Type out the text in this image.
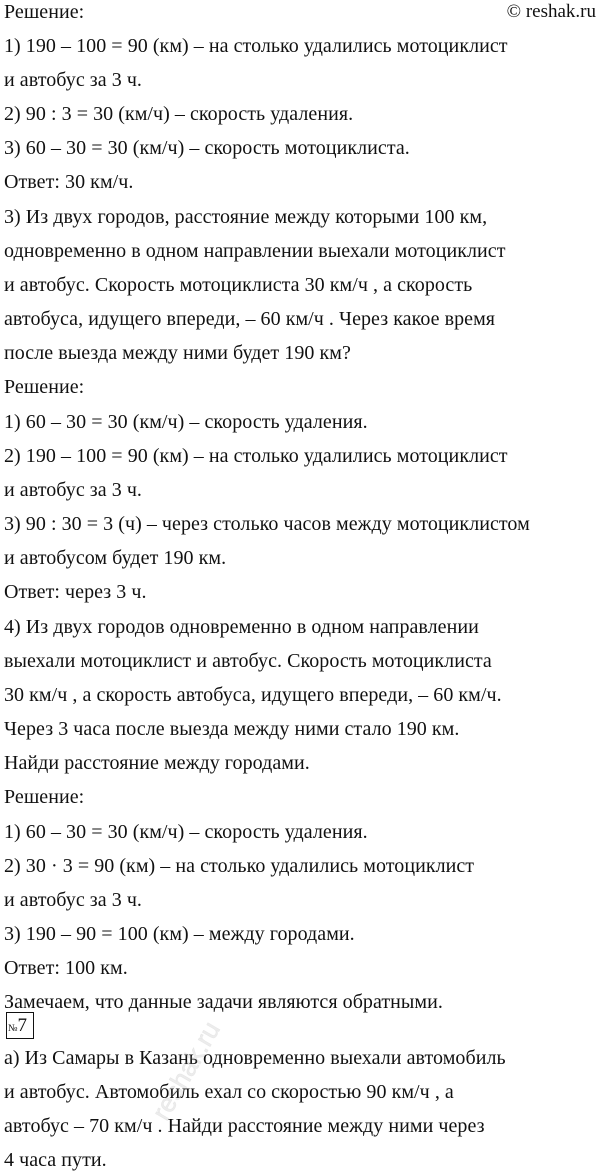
© reshak.ru
Решение:
1) 190 – 100 = 90 (км) – на столько удалились мотоциклист
и автобус за 3 ч.
2) 90 : 3 = 30 (км/ч) – скорость удаления.
3) 60 – 30 = 30 (км/ч) – скорость мотоциклиста.
Ответ: 30 км/ч.
3) Из двух городов, расстояние между которыми 100 км,
одновременно в одном направлении выехали мотоциклист
и автобус. Скорость мотоциклиста 30 км/ч , а скорость
автобуса, идущего впереди, – 60 км/ч . Через какое время
после выезда между ними будет 190 км?
Решение:
1) 60 – 30 = 30 (км/ч) – скорость удаления.
2) 190 – 100 = 90 (км) – на столько удалились мотоциклист
и автобус за 3 ч.
3) 90 : 30 = 3 (ч) – через столько часов между мотоциклистом
и автобусом будет 190 км.
Ответ: через 3 ч.
4) Из двух городов одновременно в одном направлении
выехали мотоциклист и автобус. Скорость мотоциклиста
30 км/ч , а скорость автобуса, идущего впереди, – 60 км/ч.
Через 3 часа после выезда между ними стало 190 км.
Найди расстояние между городами.
Решение:
1) 60 – 30 = 30 (км/ч) – скорость удаления.
2) 30 · 3 = 90 (км) – на столько удалились мотоциклист
и автобус за 3 ч.
3) 190 – 90 = 100 (км) – между городами.
Ответ: 100 км.
Замечаем, что данные задачи являются обратными.
№7
а) Из Самары в Казань одновременно выехали автомобиль
и автобус. Автомобиль ехал со скоростью 90 км/ч , а
автобус – 70 км/ч . Найди расстояние между ними через
4 часа пути.
reshak.ru
